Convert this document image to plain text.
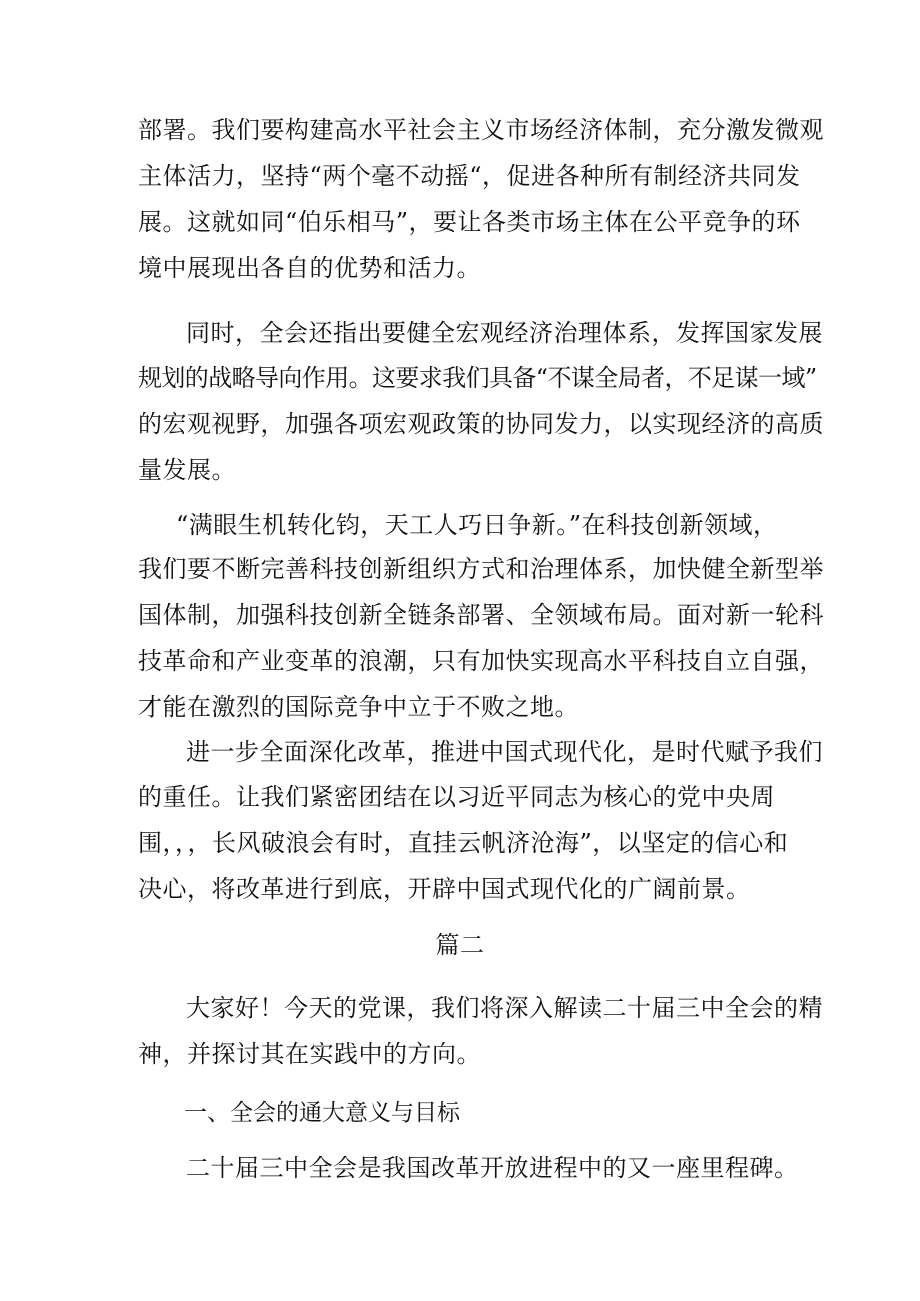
部署。我们要构建高水平社会主义市场经济体制，充分激发微观
主体活力，坚持“两个毫不动摇“，促进各种所有制经济共同发
展。这就如同“伯乐相马”，要让各类市场主体在公平竞争的环
境中展现出各自的优势和活力。
同时，全会还指出要健全宏观经济治理体系，发挥国家发展
规划的战略导向作用。这要求我们具备“不谋全局者，不足谋一域”
的宏观视野，加强各项宏观政策的协同发力，以实现经济的高质
量发展。
“满眼生机转化钧，天工人巧日争新。”在科技创新领域，
我们要不断完善科技创新组织方式和治理体系，加快健全新型举
国体制，加强科技创新全链条部署、全领域布局。面对新一轮科
技革命和产业变革的浪潮，只有加快实现高水平科技自立自强，
才能在激烈的国际竞争中立于不败之地。
进一步全面深化改革，推进中国式现代化，是时代赋予我们
的重任。让我们紧密团结在以习近平同志为核心的党中央周
围，，，长风破浪会有时，直挂云帆济沧海”，以坚定的信心和
决心，将改革进行到底，开辟中国式现代化的广阔前景。
篇二
大家好！今天的党课，我们将深入解读二十届三中全会的精
神，并探讨其在实践中的方向。
一、全会的通大意义与目标
二十届三中全会是我国改革开放进程中的又一座里程碑。
